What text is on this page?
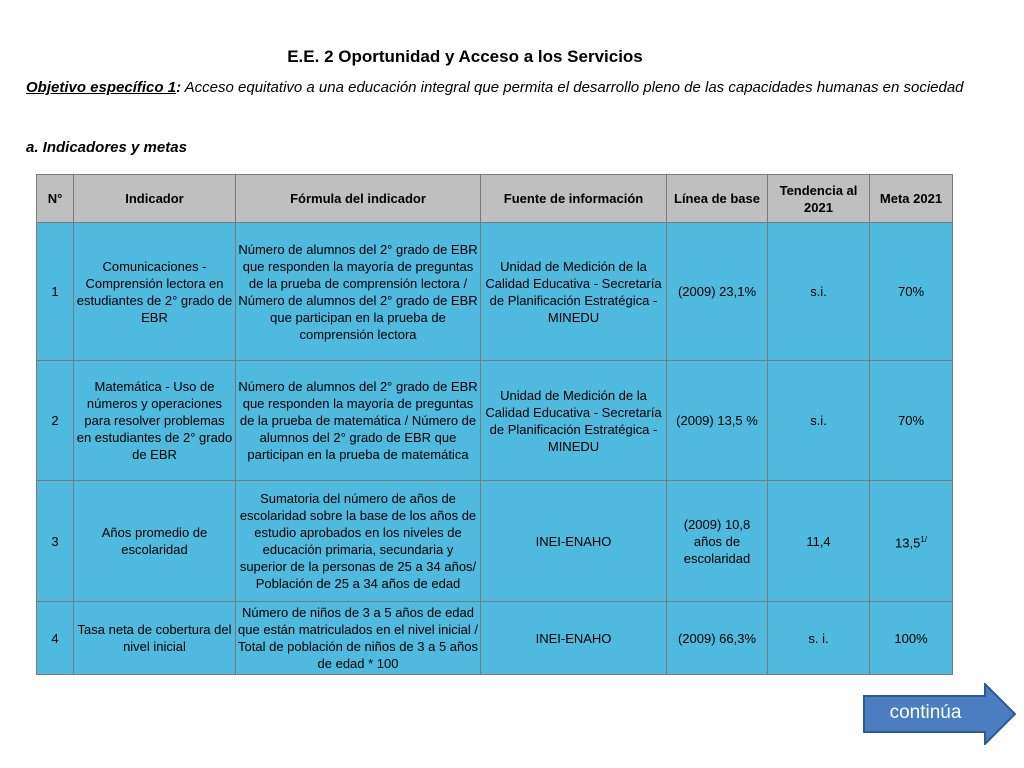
E.E. 2 Oportunidad y Acceso a los Servicios
Objetivo específico 1: Acceso equitativo a una educación integral que permita el desarrollo pleno de las capacidades humanas en sociedad
a. Indicadores y metas
N°	Indicador	Fórmula del indicador	Fuente de información	Línea de base	Tendencia al 2021	Meta 2021
1	Comunicaciones - Comprensión lectora en estudiantes de 2° grado de EBR	Número de alumnos del 2° grado de EBR que responden la mayoría de preguntas de la prueba de comprensión lectora / Número de alumnos del 2° grado de EBR que participan en la prueba de comprensión lectora	Unidad de Medición de la Calidad Educativa - Secretaría de Planificación Estratégica -MINEDU	(2009) 23,1%	s.i.	70%
2	Matemática - Uso de números y operaciones para resolver problemas en estudiantes de 2° grado de EBR	Número de alumnos del 2° grado de EBR que responden la mayoría de preguntas de la prueba de matemática / Número de alumnos del 2° grado de EBR que participan en la prueba de matemática	Unidad de Medición de la Calidad Educativa - Secretaría de Planificación Estratégica -MINEDU	(2009) 13,5 %	s.i.	70%
3	Años promedio de escolaridad	Sumatoria del número de años de escolaridad sobre la base de los años de estudio aprobados en los niveles de educación primaria, secundaria y superior de la personas de 25 a 34 años/ Población de 25 a 34 años de edad	INEI-ENAHO	(2009) 10,8 años de escolaridad	11,4	$13,5^{1/}$
4	Tasa neta de cobertura del nivel inicial	Número de niños de 3 a 5 años de edad que están matriculados en el nivel inicial / Total de población de niños de 3 a 5 años de edad * 100	INEI-ENAHO	(2009) 66,3%	s. i.	100%
continúa
